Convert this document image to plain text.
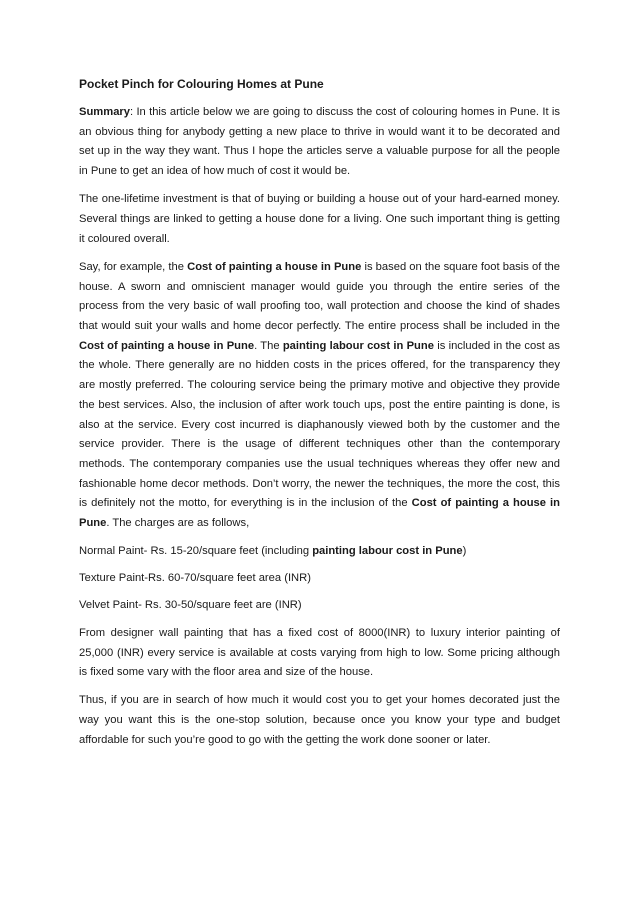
Pocket Pinch for Colouring Homes at Pune

Summary: In this article below we are going to discuss the cost of colouring homes in Pune. It is an obvious thing for anybody getting a new place to thrive in would want it to be decorated and set up in the way they want. Thus I hope the articles serve a valuable purpose for all the people in Pune to get an idea of how much of cost it would be.

The one-lifetime investment is that of buying or building a house out of your hard-earned money. Several things are linked to getting a house done for a living. One such important thing is getting it coloured overall.

Say, for example, the Cost of painting a house in Pune is based on the square foot basis of the house. A sworn and omniscient manager would guide you through the entire series of the process from the very basic of wall proofing too, wall protection and choose the kind of shades that would suit your walls and home decor perfectly. The entire process shall be included in the Cost of painting a house in Pune. The painting labour cost in Pune is included in the cost as the whole. There generally are no hidden costs in the prices offered, for the transparency they are mostly preferred. The colouring service being the primary motive and objective they provide the best services. Also, the inclusion of after work touch ups, post the entire painting is done, is also at the service. Every cost incurred is diaphanously viewed both by the customer and the service provider. There is the usage of different techniques other than the contemporary methods. The contemporary companies use the usual techniques whereas they offer new and fashionable home decor methods. Don’t worry, the newer the techniques, the more the cost, this is definitely not the motto, for everything is in the inclusion of the Cost of painting a house in Pune. The charges are as follows,

Normal Paint- Rs. 15-20/square feet (including painting labour cost in Pune)

Texture Paint-Rs. 60-70/square feet area (INR)

Velvet Paint- Rs. 30-50/square feet are (INR)

From designer wall painting that has a fixed cost of 8000(INR) to luxury interior painting of 25,000 (INR) every service is available at costs varying from high to low. Some pricing although is fixed some vary with the floor area and size of the house.

Thus, if you are in search of how much it would cost you to get your homes decorated just the way you want this is the one-stop solution, because once you know your type and budget affordable for such you’re good to go with the getting the work done sooner or later.
